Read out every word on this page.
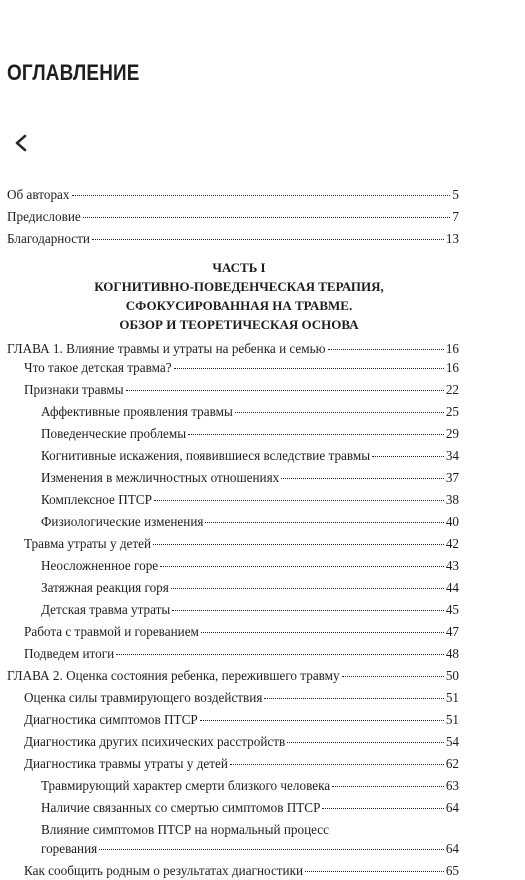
ОГЛАВЛЕНИЕ
Об авторах	5
Предисловие	7
Благодарности	13
ЧАСТЬ I
КОГНИТИВНО-ПОВЕДЕНЧЕСКАЯ ТЕРАПИЯ,
СФОКУСИРОВАННАЯ НА ТРАВМЕ.
ОБЗОР И ТЕОРЕТИЧЕСКАЯ ОСНОВА
ГЛАВА 1. Влияние травмы и утраты на ребенка и семью	16
Что такое детская травма?	16
Признаки травмы	22
Аффективные проявления травмы	25
Поведенческие проблемы	29
Когнитивные искажения, появившиеся вследствие травмы	34
Изменения в межличностных отношениях	37
Комплексное ПТСР	38
Физиологические изменения	40
Травма утраты у детей	42
Неосложненное горе	43
Затяжная реакция горя	44
Детская травма утраты	45
Работа с травмой и горeванием	47
Подведем итоги	48
ГЛАВА 2. Оценка состояния ребенка, пережившего травму	50
Оценка силы травмирующего воздействия	51
Диагностика симптомов ПТСР	51
Диагностика других психических расстройств	54
Диагностика травмы утраты у детей	62
Травмирующий характер смерти близкого человека	63
Наличие связанных со смертью симптомов ПТСР	64
Влияние симптомов ПТСР на нормальный процесс
горевания	64
Как сообщить родным о результатах диагностики	65
